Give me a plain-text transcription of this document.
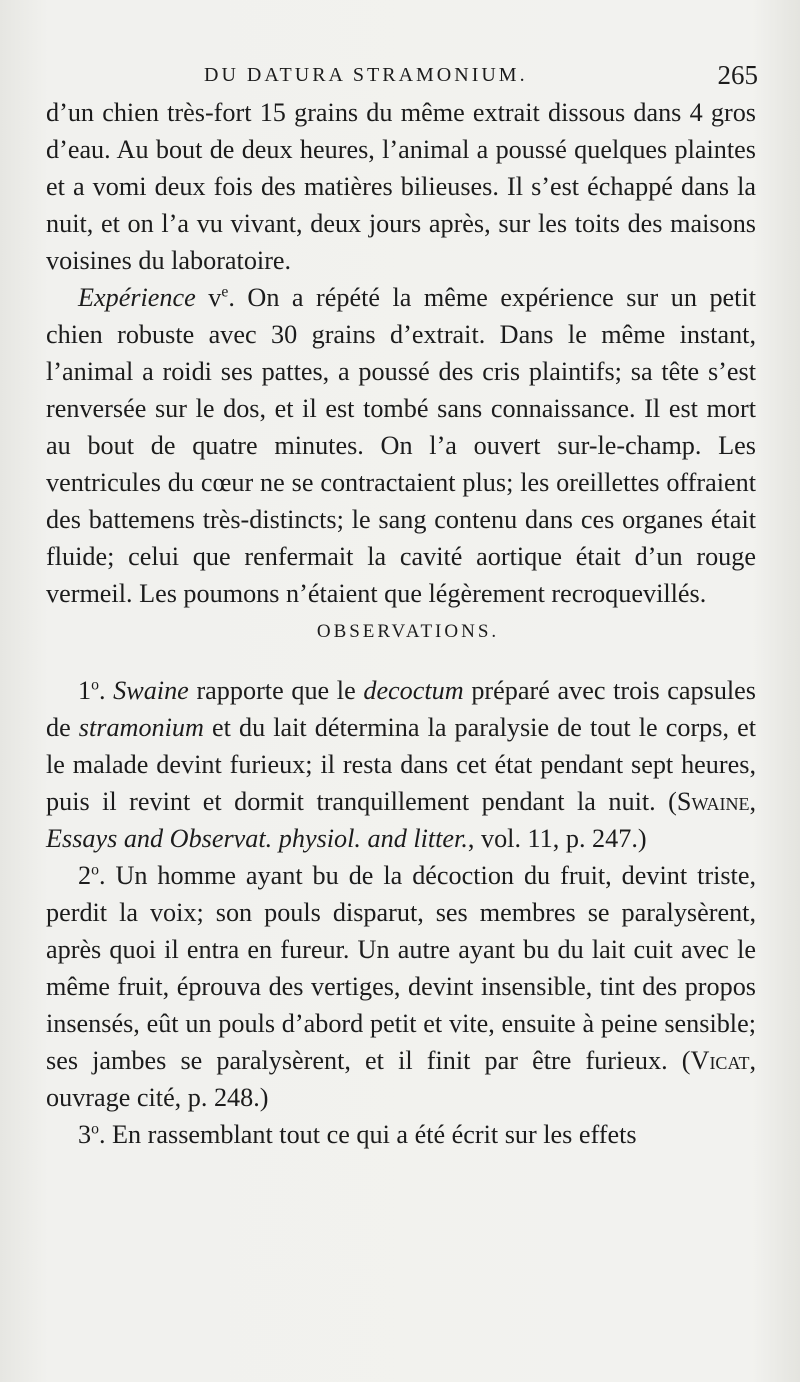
DU DATURA STRAMONIUM.	265

d’un chien très-fort 15 grains du même extrait dissous dans 4 gros d’eau. Au bout de deux heures, l’animal a poussé quelques plaintes et a vomi deux fois des matières bilieuses. Il s’est échappé dans la nuit, et on l’a vu vivant, deux jours après, sur les toits des maisons voisines du laboratoire.

Expérience $v^e$. On a répété la même expérience sur un petit chien robuste avec 30 grains d’extrait. Dans le même instant, l’animal a roidi ses pattes, a poussé des cris plaintifs; sa tête s’est renversée sur le dos, et il est tombé sans connaissance. Il est mort au bout de quatre minutes. On l’a ouvert sur-le-champ. Les ventricules du cœur ne se contractaient plus; les oreillettes offraient des battemens très-distincts; le sang contenu dans ces organes était fluide; celui que renfermait la cavité aortique était d’un rouge vermeil. Les poumons n’étaient que légèrement recroquevillés.

OBSERVATIONS.

1$^o$. Swaine rapporte que le decoctum préparé avec trois capsules de stramonium et du lait détermina la paralysie de tout le corps, et le malade devint furieux; il resta dans cet état pendant sept heures, puis il revint et dormit tranquillement pendant la nuit. (Swaine, Essays and Observat. physiol. and litter., vol. 11, p. 247.)

2$^o$. Un homme ayant bu de la décoction du fruit, devint triste, perdit la voix; son pouls disparut, ses membres se paralysèrent, après quoi il entra en fureur. Un autre ayant bu du lait cuit avec le même fruit, éprouva des vertiges, devint insensible, tint des propos insensés, eût un pouls d’abord petit et vite, ensuite à peine sensible; ses jambes se paralysèrent, et il finit par être furieux. (Vicat, ouvrage cité, p. 248.)

3$^o$. En rassemblant tout ce qui a été écrit sur les effets
